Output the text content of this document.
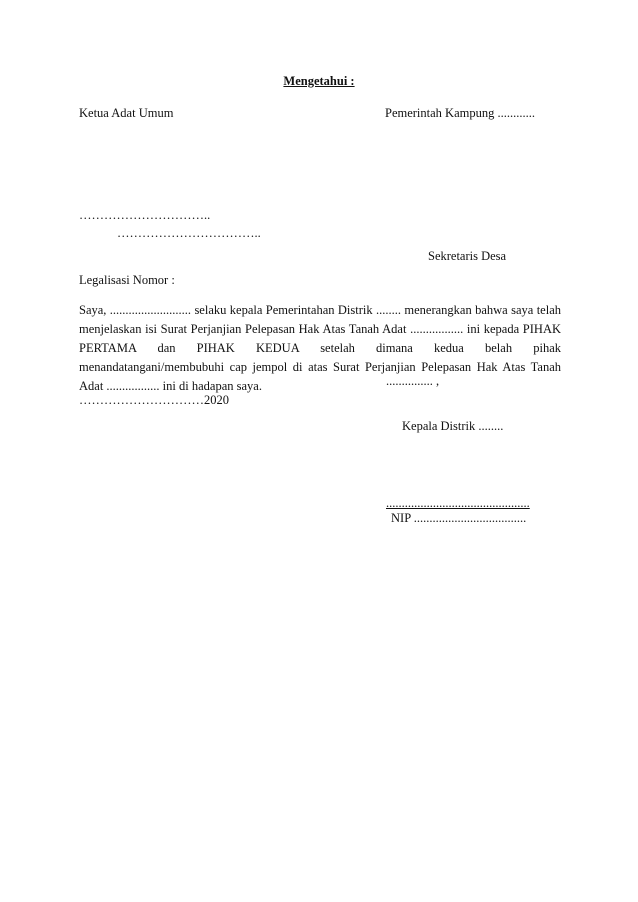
Mengetahui :
Ketua Adat Umum	Pemerintah Kampung ............
…………………………..
……………………………..
Sekretaris Desa
Legalisasi Nomor :
Saya, .......................... selaku kepala Pemerintahan Distrik ........ menerangkan bahwa saya telah menjelaskan isi Surat Perjanjian Pelepasan Hak Atas Tanah Adat ................. ini kepada PIHAK PERTAMA dan PIHAK KEDUA setelah dimana kedua belah pihak menandatangani/membubuhi cap jempol di atas Surat Perjanjian Pelepasan Hak Atas Tanah Adat ................. ini di hadapan saya.	............... ,
…………………………2020
Kepala Distrik ........
..............................................
NIP ....................................
